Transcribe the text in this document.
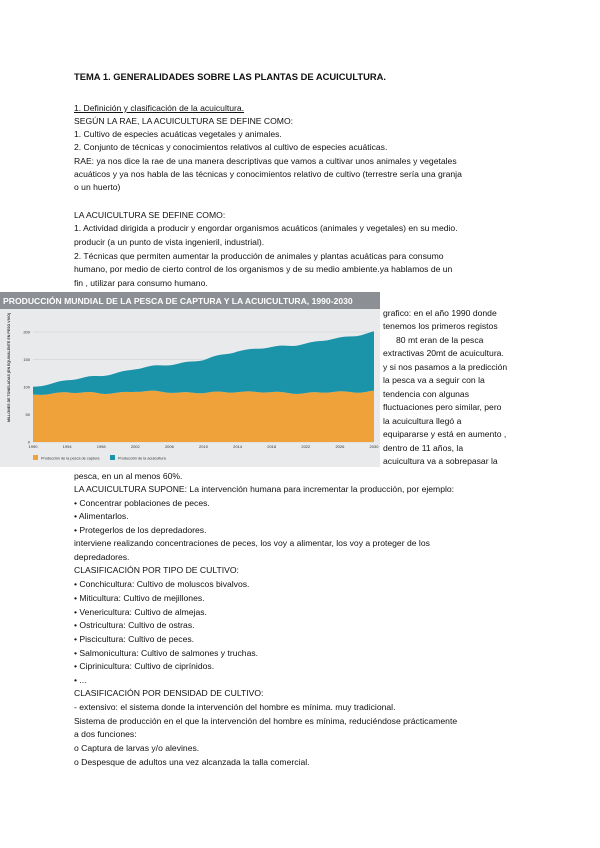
TEMA 1. GENERALIDADES SOBRE LAS PLANTAS DE ACUICULTURA.
1. Definición y clasificación de la acuicultura.
SEGÚN LA RAE, LA ACUICULTURA SE DEFINE COMO:
1. Cultivo de especies acuáticas vegetales y animales.
2. Conjunto de técnicas y conocimientos relativos al cultivo de especies acuáticas.
RAE: ya nos dice la rae de una manera descriptivas que vamos a cultivar unos animales y vegetales
acuáticos y ya nos habla de las técnicas y conocimientos relativo de cultivo (terrestre sería una granja
o un huerto)
LA ACUICULTURA SE DEFINE COMO:
1. Actividad dirigida a producir y engordar organismos acuáticos (animales y vegetales) en su medio.
producir (a un punto de vista ingenieril, industrial).
2. Técnicas que permiten aumentar la producción de animales y plantas acuáticas para consumo
humano, por medio de cierto control de los organismos y de su medio ambiente.ya hablamos de un
fin , utilizar para consumo humano.
grafico: en el año 1990 donde
tenemos los primeros registos
80 mt eran de la pesca
extractivas 20mt de acuicultura.
y si nos pasamos a la predicción
la pesca va a seguir con la
tendencia con algunas
fluctuaciones pero similar, pero
la acuicultura llegó a
equipararse y está en aumento ,
dentro de 11 años, la
acuicultura va a sobrepasar la
pesca, en un al menos 60%.
LA ACUICULTURA SUPONE: La intervención humana para incrementar la producción, por ejemplo:
• Concentrar poblaciones de peces.
• Alimentarlos.
• Protegerlos de los depredadores.
interviene realizando concentraciones de peces, los voy a alimentar, los voy a proteger de los
depredadores.
CLASIFICACIÓN POR TIPO DE CULTIVO:
• Conchicultura: Cultivo de moluscos bivalvos.
• Miticultura: Cultivo de mejillones.
• Venericultura: Cultivo de almejas.
• Ostricultura: Cultivo de ostras.
• Piscicultura: Cultivo de peces.
• Salmonicultura: Cultivo de salmones y truchas.
• Ciprinicultura: Cultivo de ciprínidos.
• ...
CLASIFICACIÓN POR DENSIDAD DE CULTIVO:
- extensivo: el sistema donde la intervención del hombre es mínima. muy tradicional.
Sistema de producción en el que la intervención del hombre es mínima, reduciéndose prácticamente
a dos funciones:
o Captura de larvas y/o alevines.
o Despesque de adultos una vez alcanzada la talla comercial.
PRODUCCIÓN MUNDIAL DE LA PESCA DE CAPTURA Y LA ACUICULTURA, 1990-2030
0
50
100
150
200
1990	1994	1998	2002	2006	2010	2014	2018	2022	2026	2030
MILLONES DE TONELADAS (EN EQUIVALENTE EN PESO VIVO)
Producción de la pesca de captura	Producción de la acuicultura
